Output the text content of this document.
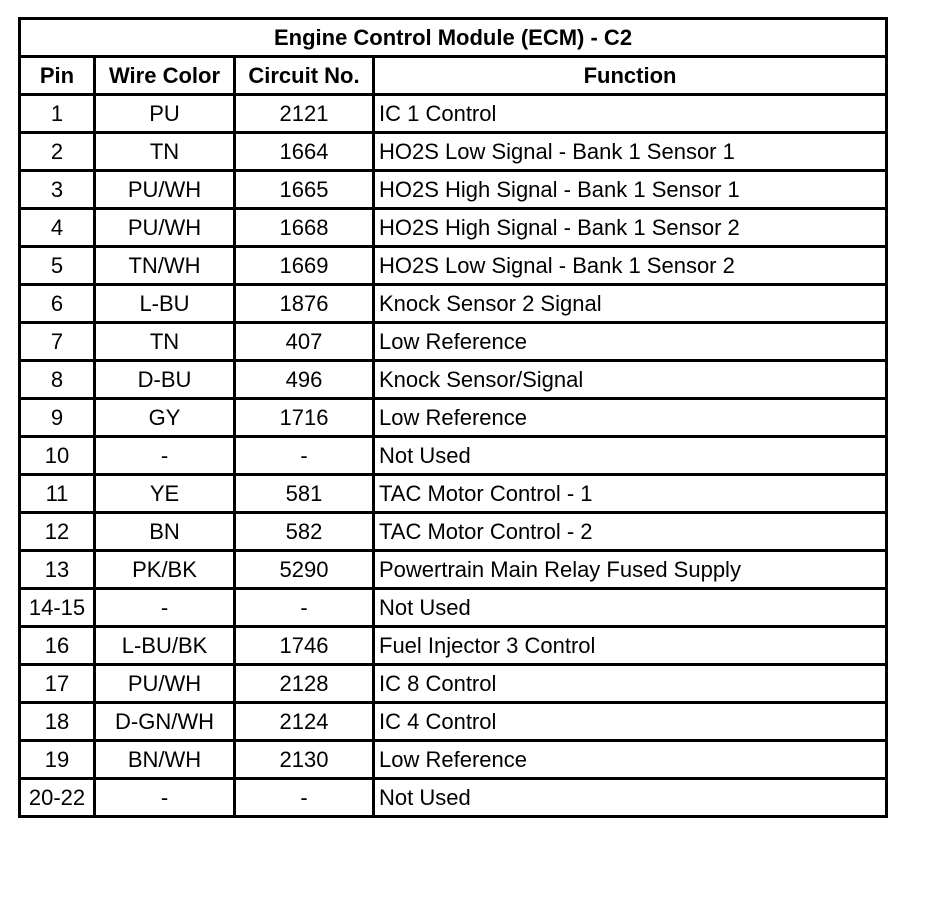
Engine Control Module (ECM) - C2			
Pin	Wire Color	Circuit No.	Function
1	PU	2121	IC 1 Control
2	TN	1664	HO2S Low Signal - Bank 1 Sensor 1
3	PU/WH	1665	HO2S High Signal - Bank 1 Sensor 1
4	PU/WH	1668	HO2S High Signal - Bank 1 Sensor 2
5	TN/WH	1669	HO2S Low Signal - Bank 1 Sensor 2
6	L-BU	1876	Knock Sensor 2 Signal
7	TN	407	Low Reference
8	D-BU	496	Knock Sensor/Signal
9	GY	1716	Low Reference
10	-	-	Not Used
11	YE	581	TAC Motor Control - 1
12	BN	582	TAC Motor Control - 2
13	PK/BK	5290	Powertrain Main Relay Fused Supply
14-15	-	-	Not Used
16	L-BU/BK	1746	Fuel Injector 3 Control
17	PU/WH	2128	IC 8 Control
18	D-GN/WH	2124	IC 4 Control
19	BN/WH	2130	Low Reference
20-22	-	-	Not Used
